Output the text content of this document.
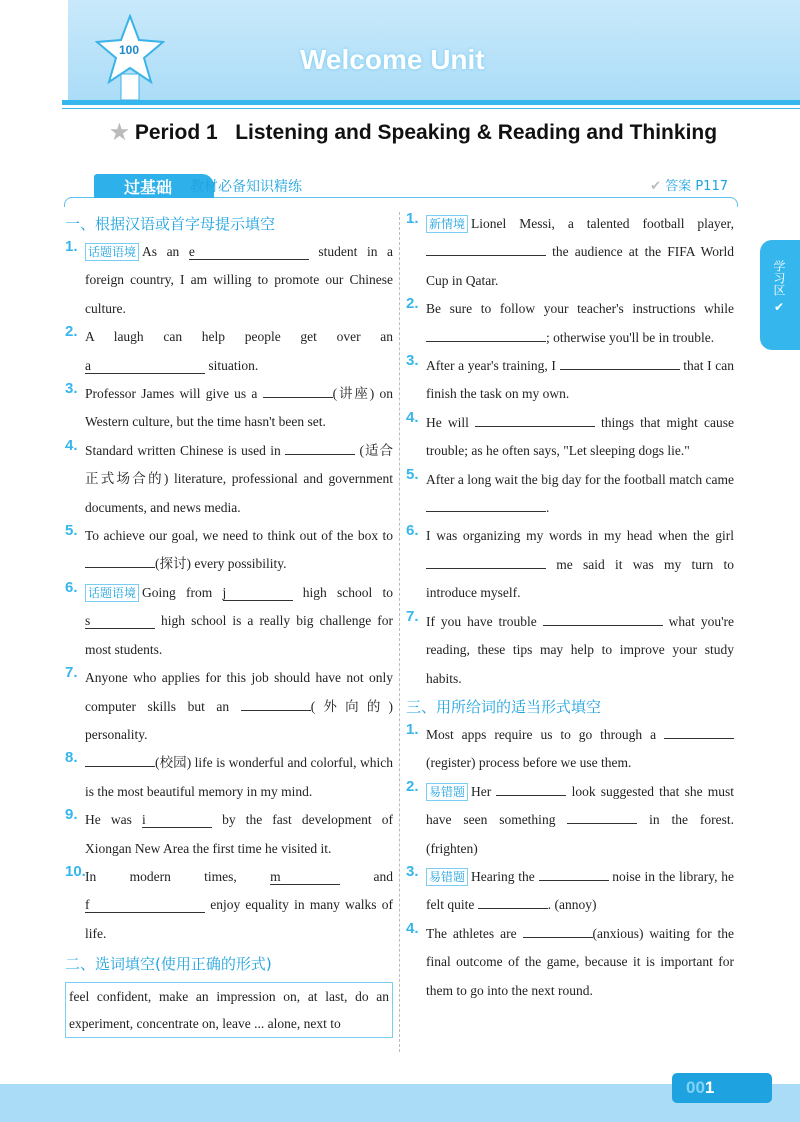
100	Welcome Unit
★ Period 1   Listening and Speaking & Reading and Thinking
过基础	教材必备知识精练	✔ 答案 P117
一、根据汉语或首字母提示填空
1. 话题语境 As an e	student in a foreign country, I am willing to promote our Chinese culture.
2. A laugh can help people get over an a	situation.
3. Professor James will give us a	(讲座) on Western culture, but the time hasn't been set.
4. Standard written Chinese is used in	(适合正式场合的) literature, professional and government documents, and news media.
5. To achieve our goal, we need to think out of the box to (探讨) every possibility.
6. 话题语境 Going from j	high school to s	high school is a really big challenge for most students.
7. Anyone who applies for this job should have not only computer skills but an	(外向的) personality.
8.	(校园) life is wonderful and colorful, which is the most beautiful memory in my mind.
9. He was i	by the fast development of Xiongan New Area the first time he visited it.
10. In modern times, m	and f	enjoy equality in many walks of life.
二、选词填空(使用正确的形式)
feel confident, make an impression on, at last, do an experiment, concentrate on, leave ... alone, next to
1. 新情境 Lionel Messi, a talented football player,  the audience at the FIFA World Cup in Qatar.
2. Be sure to follow your teacher's instructions while ; otherwise you'll be in trouble.
3. After a year's training, I	that I can finish the task on my own.
4. He will	things that might cause trouble; as he often says, "Let sleeping dogs lie."
5. After a long wait the big day for the football match came .
6. I was organizing my words in my head when the girl  me said it was my turn to introduce myself.
7. If you have trouble	what you're reading, these tips may help to improve your study habits.
三、用所给词的适当形式填空
1. Most apps require us to go through a  (register) process before we use them.
2. 易错题 Her	look suggested that she must have seen something	in the forest. (frighten)
3. 易错题 Hearing the	noise in the library, he felt quite	. (annoy)
4. The athletes are	(anxious) waiting for the final outcome of the game, because it is important for them to go into the next round.
学习区 ✔
001
